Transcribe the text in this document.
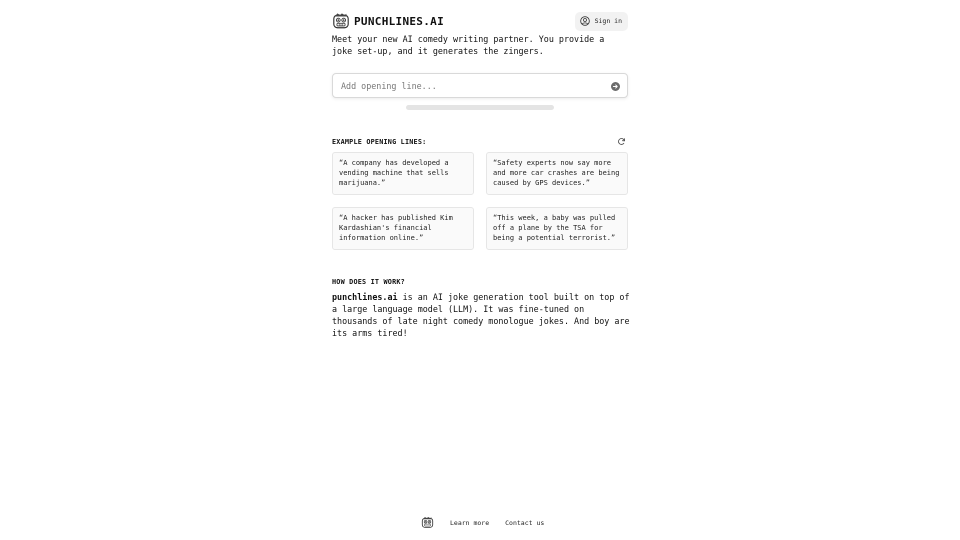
PUNCHLINES.AI	Sign in

Meet your new AI comedy writing partner. You provide a joke set-up, and it generates the zingers.

Add opening line...
EXAMPLE OPENING LINES:
“A company has developed a vending machine that sells marijuana.”
“Safety experts now say more and more car crashes are being caused by GPS devices.”
“A hacker has published Kim Kardashian's financial information online.”
“This week, a baby was pulled off a plane by the TSA for being a potential terrorist.”
HOW DOES IT WORK?

punchlines.ai is an AI joke generation tool built on top of a large language model (LLM). It was fine-tuned on thousands of late night comedy monologue jokes. And boy are its arms tired!

Learn more Contact us
